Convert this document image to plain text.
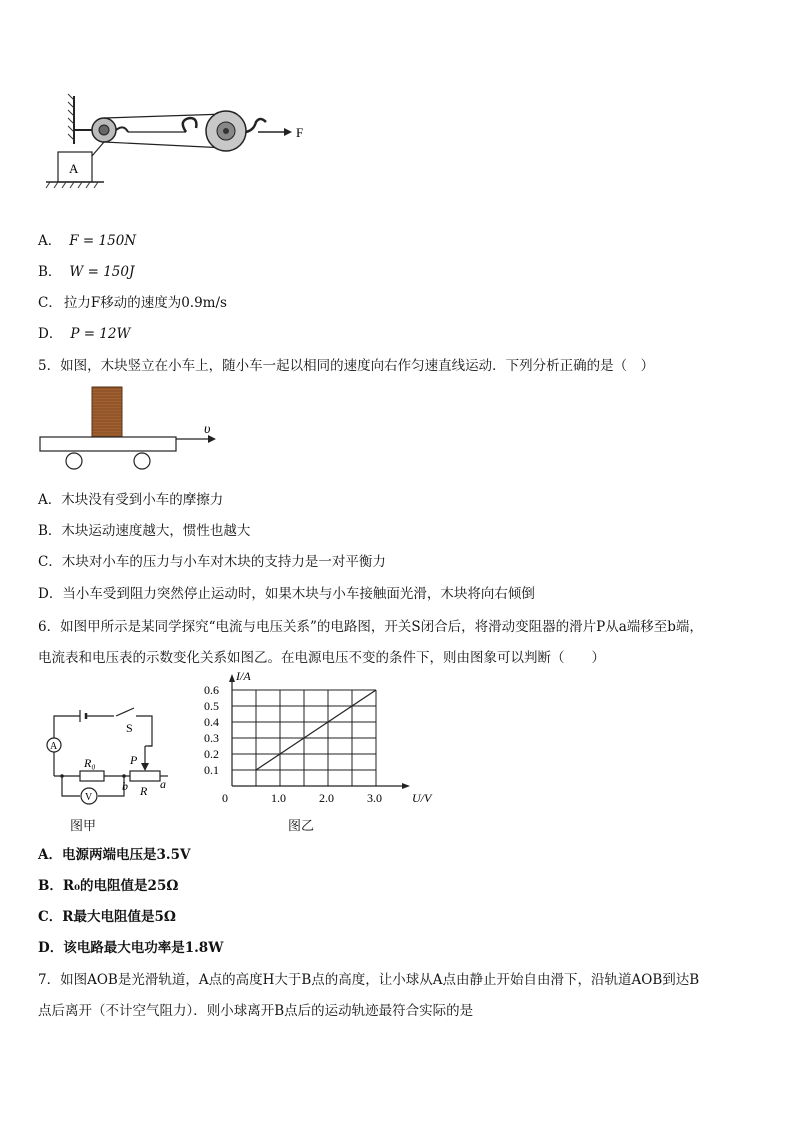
F
A
A． F = 150N
B． W = 150J
C． 拉力F移动的速度为0.9m/s
D． P = 12W
5．如图，木块竖立在小车上，随小车一起以相同的速度向右作匀速直线运动．下列分析正确的是（　）
υ
A．木块没有受到小车的摩擦力
B．木块运动速度越大，惯性也越大
C．木块对小车的压力与小车对木块的支持力是一对平衡力
D．当小车受到阻力突然停止运动时，如果木块与小车接触面光滑，木块将向右倾倒
6．如图甲所示是某同学探究“电流与电压关系”的电路图，开关S闭合后，将滑动变阻器的滑片P从a端移至b端，
电流表和电压表的示数变化关系如图乙。在电源电压不变的条件下，则由图象可以判断（　　）
A
V
S
R₀	P
R a
b
图甲
1.0	2.0	3.0
0.1
0.2
0.3
0.4
0.5
0.6
0	U/V
I/A
图乙
A．电源两端电压是3.5V
B．R₀的电阻值是25Ω
C．R最大电阻值是5Ω
D．该电路最大电功率是1.8W
7．如图AOB是光滑轨道，A点的高度H大于B点的高度，让小球从A点由静止开始自由滑下，沿轨道AOB到达B
点后离开（不计空气阻力）．则小球离开B点后的运动轨迹最符合实际的是
